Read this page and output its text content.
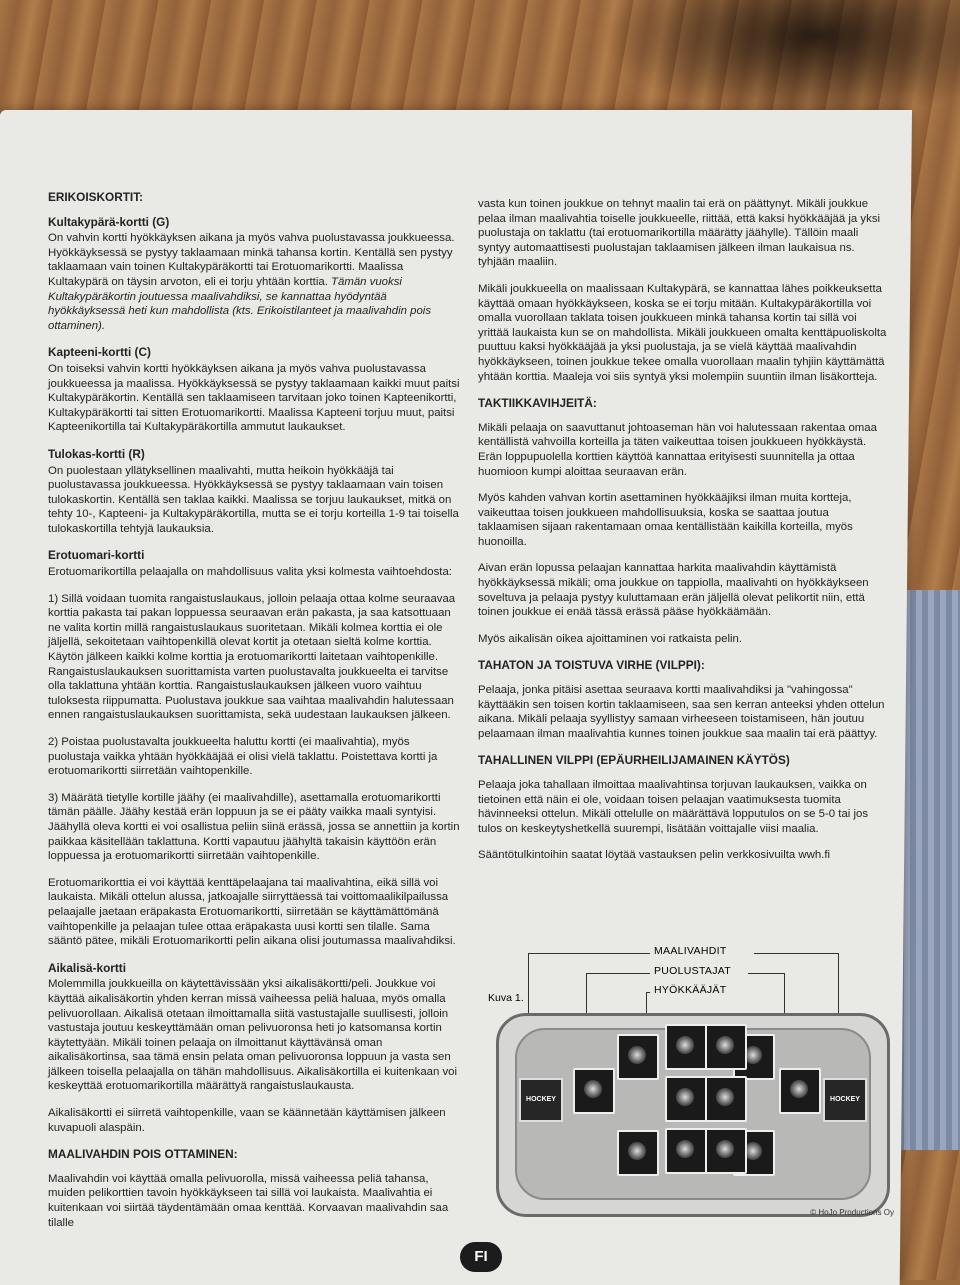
ERIKOISKORTIT:
Kultakypärä-kortti (G)

On vahvin kortti hyökkäyksen aikana ja myös vahva puolustavassa joukkueessa. Hyökkäyksessä se pystyy taklaamaan minkä tahansa kortin. Kentällä sen pystyy taklaamaan vain toinen Kultakypäräkortti tai Erotuomarikortti. Maalissa Kultakypärä on täysin arvoton, eli ei torju yhtään korttia. Tämän vuoksi Kultakypäräkortin joutuessa maalivahdiksi, se kannattaa hyödyntää hyökkäyksessä heti kun mahdollista (kts. Erikoistilanteet ja maalivahdin pois ottaminen).

Kapteeni-kortti (C)

On toiseksi vahvin kortti hyökkäyksen aikana ja myös vahva puolustavassa joukkueessa ja maalissa. Hyökkäyksessä se pystyy taklaamaan kaikki muut paitsi Kultakypäräkortin. Kentällä sen taklaamiseen tarvitaan joko toinen Kapteenikortti, Kultakypäräkortti tai sitten Erotuomarikortti. Maalissa Kapteeni torjuu muut, paitsi Kapteenikortilla tai Kultakypäräkortilla ammutut laukaukset.

Tulokas-kortti (R)

On puolestaan yllätyksellinen maalivahti, mutta heikoin hyökkääjä tai puolustavassa joukkueessa. Hyökkäyksessä se pystyy taklaamaan vain toisen tulokaskortin. Kentällä sen taklaa kaikki. Maalissa se torjuu laukaukset, mitkä on tehty 10-, Kapteeni- ja Kultakypäräkortilla, mutta se ei torju korteilla 1-9 tai toisella tulokaskortilla tehtyjä laukauksia.

Erotuomari-kortti

Erotuomarikortilla pelaajalla on mahdollisuus valita yksi kolmesta vaihtoehdosta:

1) Sillä voidaan tuomita rangaistuslaukaus, jolloin pelaaja ottaa kolme seuraavaa korttia pakasta tai pakan loppuessa seuraavan erän pakasta, ja saa katsottuaan ne valita kortin millä rangaistuslaukaus suoritetaan. Mikäli kolmea korttia ei ole jäljellä, sekoitetaan vaihtopenkillä olevat kortit ja otetaan sieltä kolme korttia. Käytön jälkeen kaikki kolme korttia ja erotuomarikortti laitetaan vaihtopenkille. Rangaistuslaukauksen suorittamista varten puolustavalta joukkueelta ei tarvitse olla taklattuna yhtään korttia. Rangaistuslaukauksen jälkeen vuoro vaihtuu tuloksesta riippumatta. Puolustava joukkue saa vaihtaa maalivahdin halutessaan ennen rangaistuslaukauksen suorittamista, sekä uudestaan laukauksen jälkeen.

2) Poistaa puolustavalta joukkueelta haluttu kortti (ei maalivahtia), myös puolustaja vaikka yhtään hyökkääjää ei olisi vielä taklattu. Poistettava kortti ja erotuomarikortti siirretään vaihtopenkille.

3) Määrätä tietylle kortille jäähy (ei maalivahdille), asettamalla erotuomarikortti tämän päälle. Jäähy kestää erän loppuun ja se ei pääty vaikka maali syntyisi. Jäähyllä oleva kortti ei voi osallistua peliin siinä erässä, jossa se annettiin ja kortin paikkaa käsitellään taklattuna. Kortti vapautuu jäähyltä takaisin käyttöön erän loppuessa ja erotuomarikortti siirretään vaihtopenkille.

Erotuomarikorttia ei voi käyttää kenttäpelaajana tai maalivahtina, eikä sillä voi laukaista. Mikäli ottelun alussa, jatkoajalle siirryttäessä tai voittomaalikilpailussa pelaajalle jaetaan eräpakasta Erotuomarikortti, siirretään se käyttämättömänä vaihtopenkille ja pelaajan tulee ottaa eräpakasta uusi kortti sen tilalle. Sama sääntö pätee, mikäli Erotuomarikortti pelin aikana olisi joutumassa maalivahdiksi.

Aikalisä-kortti

Molemmilla joukkueilla on käytettävissään yksi aikalisäkortti/peli. Joukkue voi käyttää aikalisäkortin yhden kerran missä vaiheessa peliä haluaa, myös omalla pelivuorollaan. Aikalisä otetaan ilmoittamalla siitä vastustajalle suullisesti, jolloin vastustaja joutuu keskeyttämään oman pelivuoronsa heti jo katsomansa kortin käytettyään. Mikäli toinen pelaaja on ilmoittanut käyttävänsä oman aikalisäkortinsa, saa tämä ensin pelata oman pelivuoronsa loppuun ja vasta sen jälkeen toisella pelaajalla on tähän mahdollisuus. Aikalisäkortilla ei kuitenkaan voi keskeyttää erotuomarikortilla määrättyä rangaistuslaukausta.

Aikalisäkortti ei siirretä vaihtopenkille, vaan se käännetään käyttämisen jälkeen kuvapuoli alaspäin.

MAALIVAHDIN POIS OTTAMINEN:

Maalivahdin voi käyttää omalla pelivuorolla, missä vaiheessa peliä tahansa, muiden pelikorttien tavoin hyökkäykseen tai sillä voi laukaista. Maalivahtia ei kuitenkaan voi siirtää täydentämään omaa kenttää. Korvaavan maalivahdin saa tilalle

vasta kun toinen joukkue on tehnyt maalin tai erä on päättynyt. Mikäli joukkue pelaa ilman maalivahtia toiselle joukkueelle, riittää, että kaksi hyökkääjää ja yksi puolustaja on taklattu (tai erotuomarikortilla määrätty jäähylle). Tällöin maali syntyy automaattisesti puolustajan taklaamisen jälkeen ilman laukaisua ns. tyhjään maaliin.

Mikäli joukkueella on maalissaan Kultakypärä, se kannattaa lähes poikkeuksetta käyttää omaan hyökkäykseen, koska se ei torju mitään. Kultakypäräkortilla voi omalla vuorollaan taklata toisen joukkueen minkä tahansa kortin tai sillä voi yrittää laukaista kun se on mahdollista. Mikäli joukkueen omalta kenttäpuoliskolta puuttuu kaksi hyökkääjää ja yksi puolustaja, ja se vielä käyttää maalivahdin hyökkäykseen, toinen joukkue tekee omalla vuorollaan maalin tyhjiin käyttämättä yhtään korttia. Maaleja voi siis syntyä yksi molempiin suuntiin ilman lisäkortteja.

TAKTIIKKAVIHJEITÄ:

Mikäli pelaaja on saavuttanut johtoaseman hän voi halutessaan rakentaa omaa kentällistä vahvoilla korteilla ja täten vaikeuttaa toisen joukkueen hyökkäystä. Erän loppupuolella korttien käyttöä kannattaa erityisesti suunnitella ja ottaa huomioon kumpi aloittaa seuraavan erän.

Myös kahden vahvan kortin asettaminen hyökkääjiksi ilman muita kortteja, vaikeuttaa toisen joukkueen mahdollisuuksia, koska se saattaa joutua taklaamisen sijaan rakentamaan omaa kentällistään kaikilla korteilla, myös huonoilla.

Aivan erän lopussa pelaajan kannattaa harkita maalivahdin käyttämistä hyökkäyksessä mikäli; oma joukkue on tappiolla, maalivahti on hyökkäykseen soveltuva ja pelaaja pystyy kuluttamaan erän jäljellä olevat pelikortit niin, että toinen joukkue ei enää tässä erässä pääse hyökkäämään.

Myös aikalisän oikea ajoittaminen voi ratkaista pelin.

TAHATON JA TOISTUVA VIRHE (VILPPI):

Pelaaja, jonka pitäisi asettaa seuraava kortti maalivahdiksi ja "vahingossa" käyttääkin sen toisen kortin taklaamiseen, saa sen kerran anteeksi yhden ottelun aikana. Mikäli pelaaja syyllistyy samaan virheeseen toistamiseen, hän joutuu pelaamaan ilman maalivahtia kunnes toinen joukkue saa maalin tai erä päättyy.

TAHALLINEN VILPPI (EPÄURHEILIJAMAINEN KÄYTÖS)

Pelaaja joka tahallaan ilmoittaa maalivahtinsa torjuvan laukauksen, vaikka on tietoinen että näin ei ole, voidaan toisen pelaajan vaatimuksesta tuomita hävinneeksi ottelun. Mikäli ottelulle on määrättävä lopputulos on se 5-0 tai jos tulos on keskeytyshetkellä suurempi, lisätään voittajalle viisi maalia.

Sääntötulkintoihin saatat löytää vastauksen pelin verkkosivuilta wwh.fi

Kuva 1.
MAALIVAHDIT
PUOLUSTAJAT
HYÖKKÄÄJÄT
HOCKEY	HOCKEY
© HoJo Productions Oy
FI
